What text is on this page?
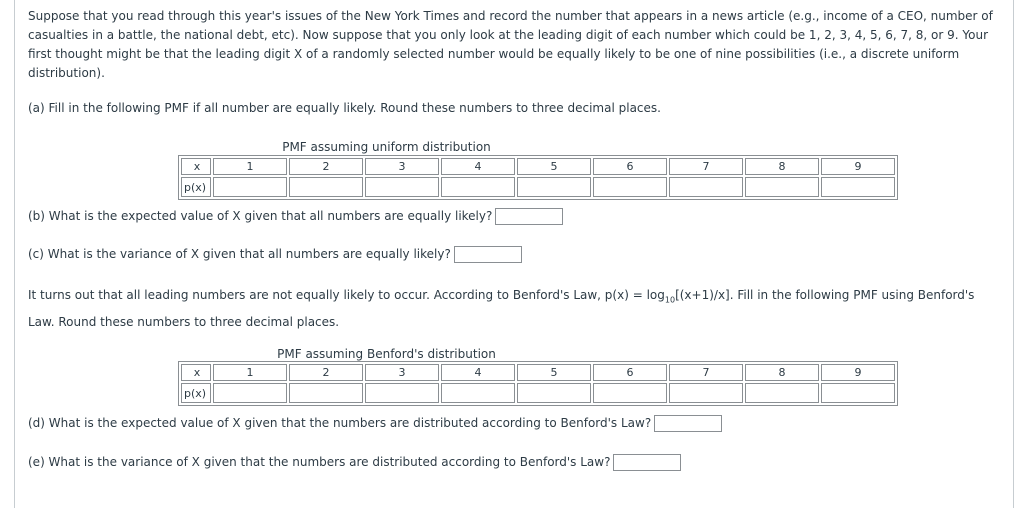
Suppose that you read through this year's issues of the New York Times and record the number that appears in a news article (e.g., income of a CEO, number of casualties in a battle, the national debt, etc). Now suppose that you only look at the leading digit of each number which could be 1, 2, 3, 4, 5, 6, 7, 8, or 9. Your first thought might be that the leading digit X of a randomly selected number would be equally likely to be one of nine possibilities (i.e., a discrete uniform distribution).

(a) Fill in the following PMF if all number are equally likely. Round these numbers to three decimal places.

PMF assuming uniform distribution
x	1	2	3	4	5	6	7	8	9
p(x)	

(b) What is the expected value of X given that all numbers are equally likely?

(c) What is the variance of X given that all numbers are equally likely?

It turns out that all leading numbers are not equally likely to occur. According to Benford's Law, $p(x) = \log_{10}[(x+1)/x]$. Fill in the following PMF using Benford's Law. Round these numbers to three decimal places.

PMF assuming Benford's distribution
x	1	2	3	4	5	6	7	8	9
p(x)	

(d) What is the expected value of X given that the numbers are distributed according to Benford's Law?

(e) What is the variance of X given that the numbers are distributed according to Benford's Law?
